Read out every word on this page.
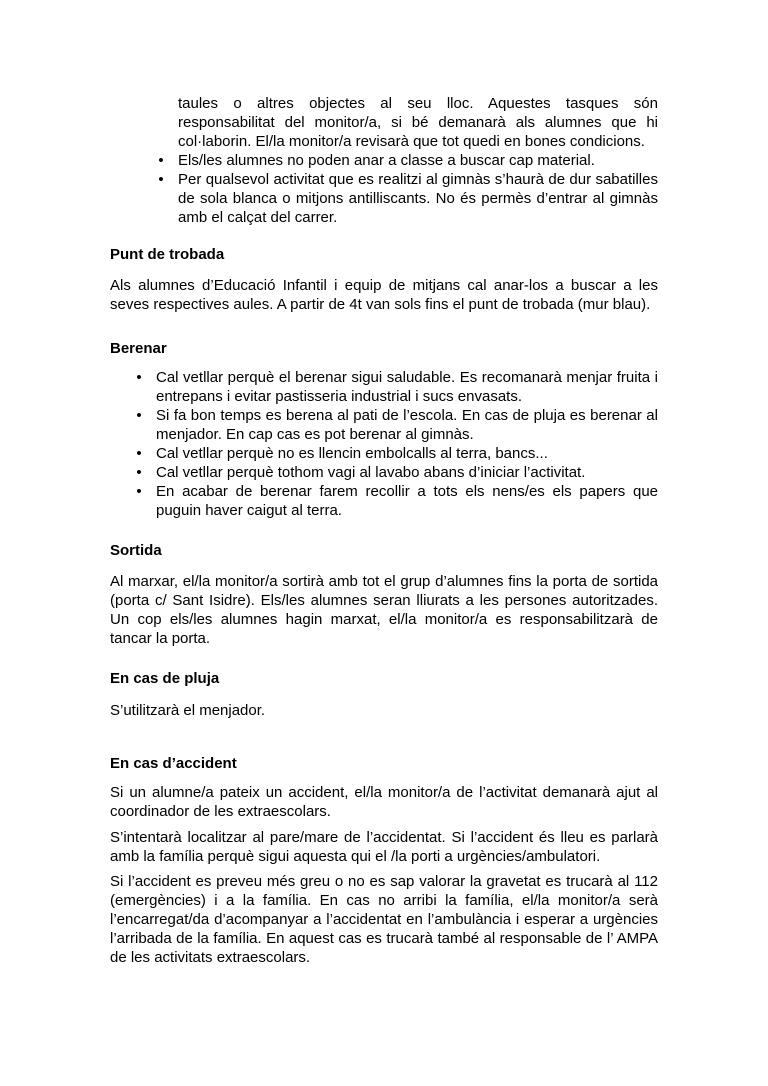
taules o altres objectes al seu lloc. Aquestes tasques són responsabilitat del monitor/a, si bé demanarà als alumnes que hi col·laborin. El/la monitor/a revisarà que tot quedi en bones condicions.
• Els/les alumnes no poden anar a classe a buscar cap material.
• Per qualsevol activitat que es realitzi al gimnàs s’haurà de dur sabatilles de sola blanca o mitjons antilliscants. No és permès d’entrar al gimnàs amb el calçat del carrer.
Punt de trobada

Als alumnes d’Educació Infantil i equip de mitjans cal anar-los a buscar a les seves respectives aules. A partir de 4t van sols fins el punt de trobada (mur blau).

Berenar
• Cal vetllar perquè el berenar sigui saludable. Es recomanarà menjar fruita i entrepans i evitar pastisseria industrial i sucs envasats.
• Si fa bon temps es berena al pati de l’escola. En cas de pluja es berenar al menjador. En cap cas es pot berenar al gimnàs.
• Cal vetllar perquè no es llencin embolcalls al terra, bancs...
• Cal vetllar perquè tothom vagi al lavabo abans d’iniciar l’activitat.
• En acabar de berenar farem recollir a tots els nens/es els papers que puguin haver caigut al terra.
Sortida

Al marxar, el/la monitor/a sortirà amb tot el grup d’alumnes fins la porta de sortida (porta c/ Sant Isidre). Els/les alumnes seran lliurats a les persones autoritzades. Un cop els/les alumnes hagin marxat, el/la monitor/a es responsabilitzarà de tancar la porta.

En cas de pluja

S’utilitzarà el menjador.

En cas d’accident

Si un alumne/a pateix un accident, el/la monitor/a de l’activitat demanarà ajut al coordinador de les extraescolars.

S’intentarà localitzar al pare/mare de l’accidentat. Si l’accident és lleu es parlarà amb la família perquè sigui aquesta qui el /la porti a urgències/ambulatori.

Si l’accident es preveu més greu o no es sap valorar la gravetat es trucarà al 112 (emergències) i a la família. En cas no arribi la família, el/la monitor/a serà l’encarregat/da d’acompanyar a l’accidentat en l’ambulància i esperar a urgències l’arribada de la família. En aquest cas es trucarà també al responsable de l’ AMPA de les activitats extraescolars.
